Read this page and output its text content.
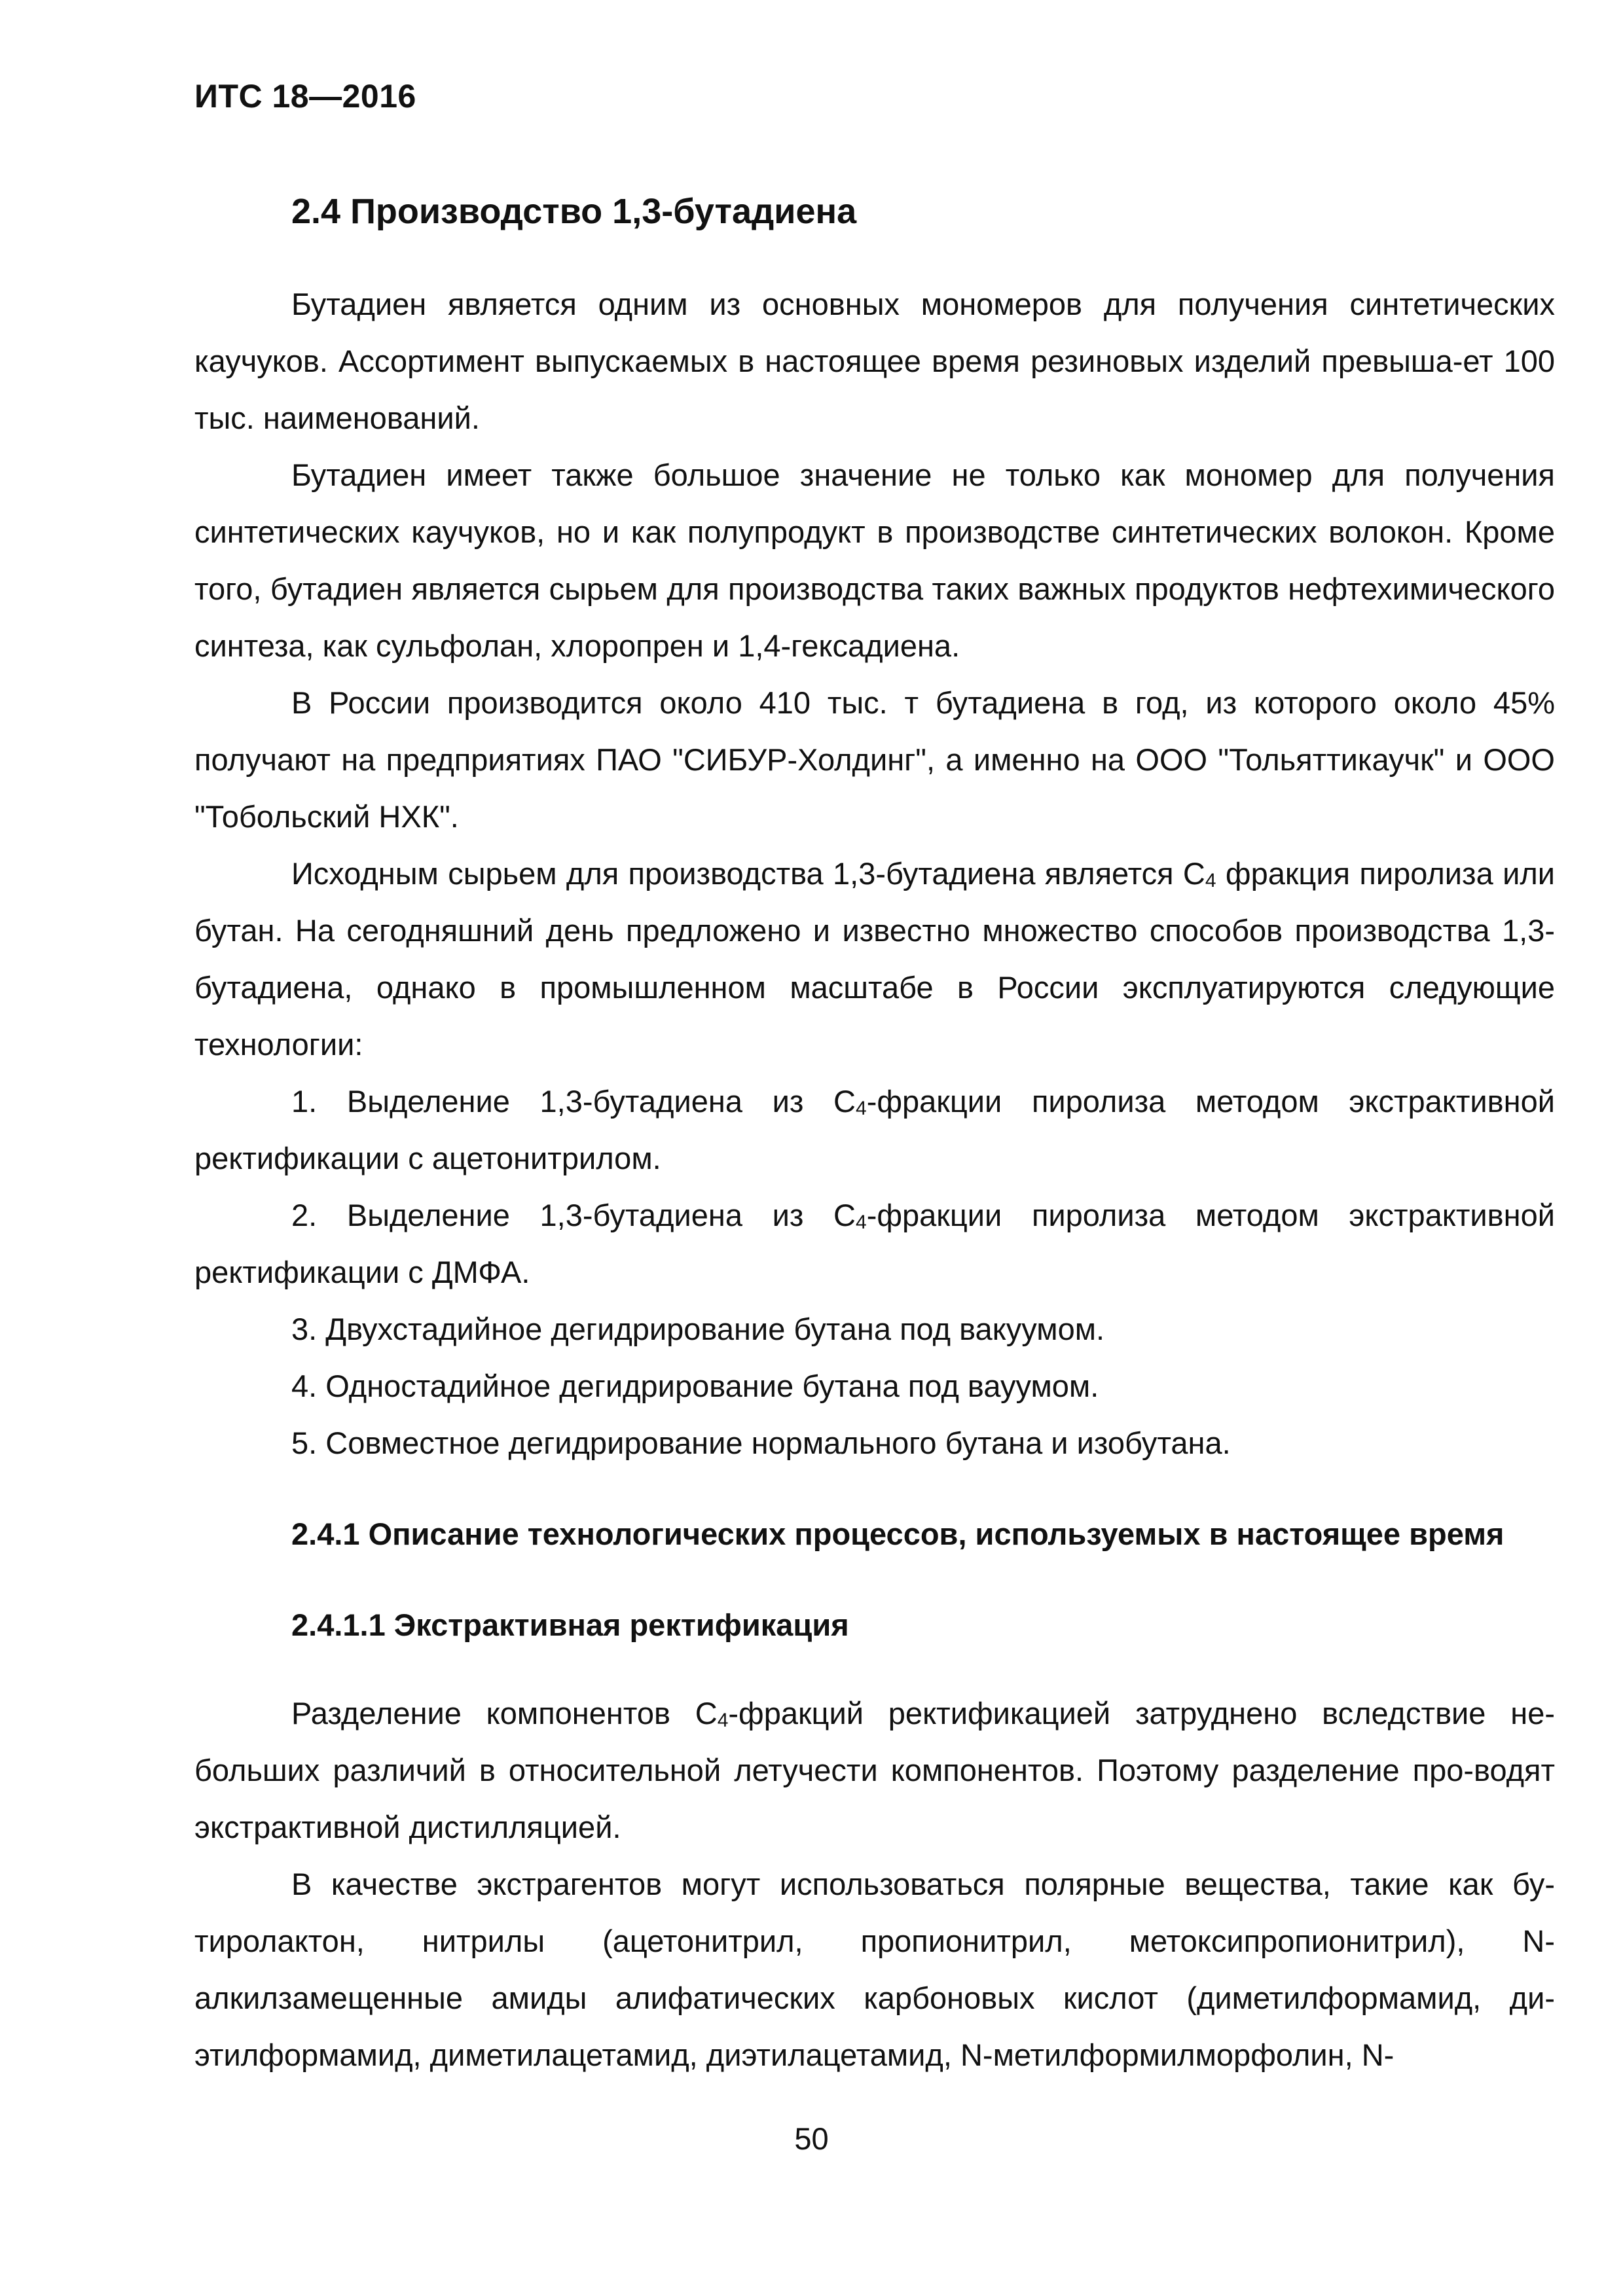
ИТС 18—2016
2.4 Производство 1,3-бутадиена

Бутадиен является одним из основных мономеров для получения синтетических каучуков. Ассортимент выпускаемых в настоящее время резиновых изделий превыша-ет 100 тыс. наименований.

Бутадиен имеет также большое значение не только как мономер для получения синтетических каучуков, но и как полупродукт в производстве синтетических волокон. Кроме того, бутадиен является сырьем для производства таких важных продуктов нефтехимического синтеза, как сульфолан, хлоропрен и 1,4-гексадиена.

В России производится около 410 тыс. т бутадиена в год, из которого около 45% получают на предприятиях ПАО "СИБУР-Холдинг", а именно на ООО "Тольяттикаучк" и ООО "Тобольский НХК".

Исходным сырьем для производства 1,3-бутадиена является $С_4$ фракция пиролиза или бутан. На сегодняшний день предложено и известно множество способов производства 1,3-бутадиена, однако в промышленном масштабе в России эксплуатируются следующие технологии:

1. Выделение 1,3-бутадиена из $С_4$-фракции пиролиза методом экстрактивной ректификации с ацетонитрилом.

2. Выделение 1,3-бутадиена из $С_4$-фракции пиролиза методом экстрактивной ректификации с ДМФА.

3. Двухстадийное дегидрирование бутана под вакуумом.

4. Одностадийное дегидрирование бутана под вауумом.

5. Совместное дегидрирование нормального бутана и изобутана.

2.4.1 Описание технологических процессов, используемых в настоящее время

2.4.1.1 Экстрактивная ректификация

Разделение компонентов $С_4$-фракций ректификацией затруднено вследствие не-больших различий в относительной летучести компонентов. Поэтому разделение про-водят экстрактивной дистилляцией.

В качестве экстрагентов могут использоваться полярные вещества, такие как бу-тиролактон, нитрилы (ацетонитрил, пропионитрил, метоксипропионитрил), N-алкилзамещенные амиды алифатических карбоновых кислот (диметилформамид, ди-этилформамид, диметилацетамид, диэтилацетамид, N-метилформилморфолин, N-

50
